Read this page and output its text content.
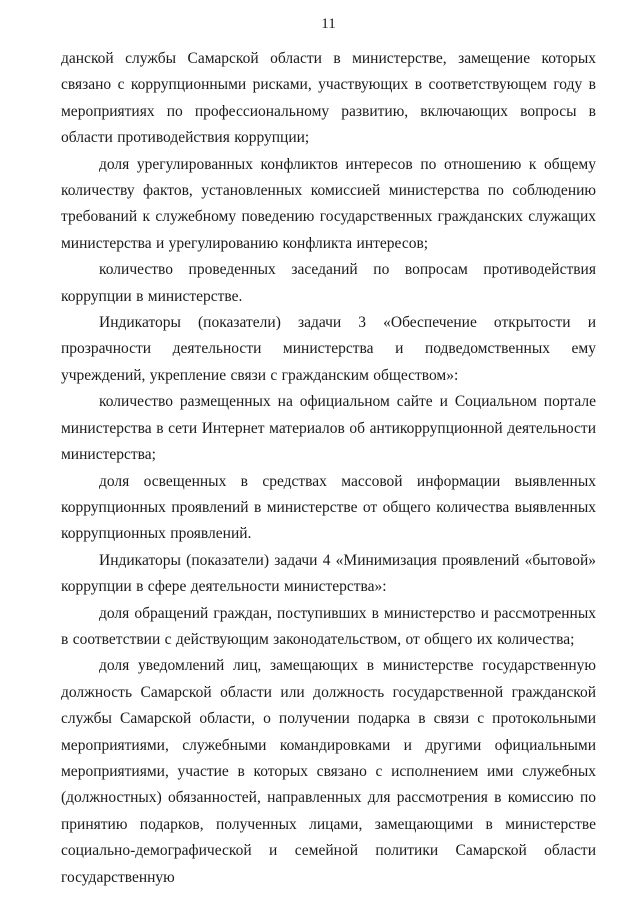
11

данской службы Самарской области в министерстве, замещение которых связано с коррупционными рисками, участвующих в соответствующем году в мероприятиях по профессиональному развитию, включающих вопросы в области противодействия коррупции;

доля урегулированных конфликтов интересов по отношению к общему количеству фактов, установленных комиссией министерства по соблюдению требований к служебному поведению государственных гражданских служащих министерства и урегулированию конфликта интересов;

количество проведенных заседаний по вопросам противодействия коррупции в министерстве.

Индикаторы (показатели) задачи 3 «Обеспечение открытости и прозрачности деятельности министерства и подведомственных ему учреждений, укрепление связи с гражданским обществом»:

количество размещенных на официальном сайте и Социальном портале министерства в сети Интернет материалов об антикоррупционной деятельности министерства;

доля освещенных в средствах массовой информации выявленных коррупционных проявлений в министерстве от общего количества выявленных коррупционных проявлений.

Индикаторы (показатели) задачи 4 «Минимизация проявлений «бытовой» коррупции в сфере деятельности министерства»:

доля обращений граждан, поступивших в министерство и рассмотренных в соответствии с действующим законодательством, от общего их количества;

доля уведомлений лиц, замещающих в министерстве государственную должность Самарской области или должность государственной гражданской службы Самарской области, о получении подарка в связи с протокольными мероприятиями, служебными командировками и другими официальными мероприятиями, участие в которых связано с исполнением ими служебных (должностных) обязанностей, направленных для рассмотрения в комиссию по принятию подарков, полученных лицами, замещающими в министерстве социально-демографической и семейной политики Самарской области государственную
